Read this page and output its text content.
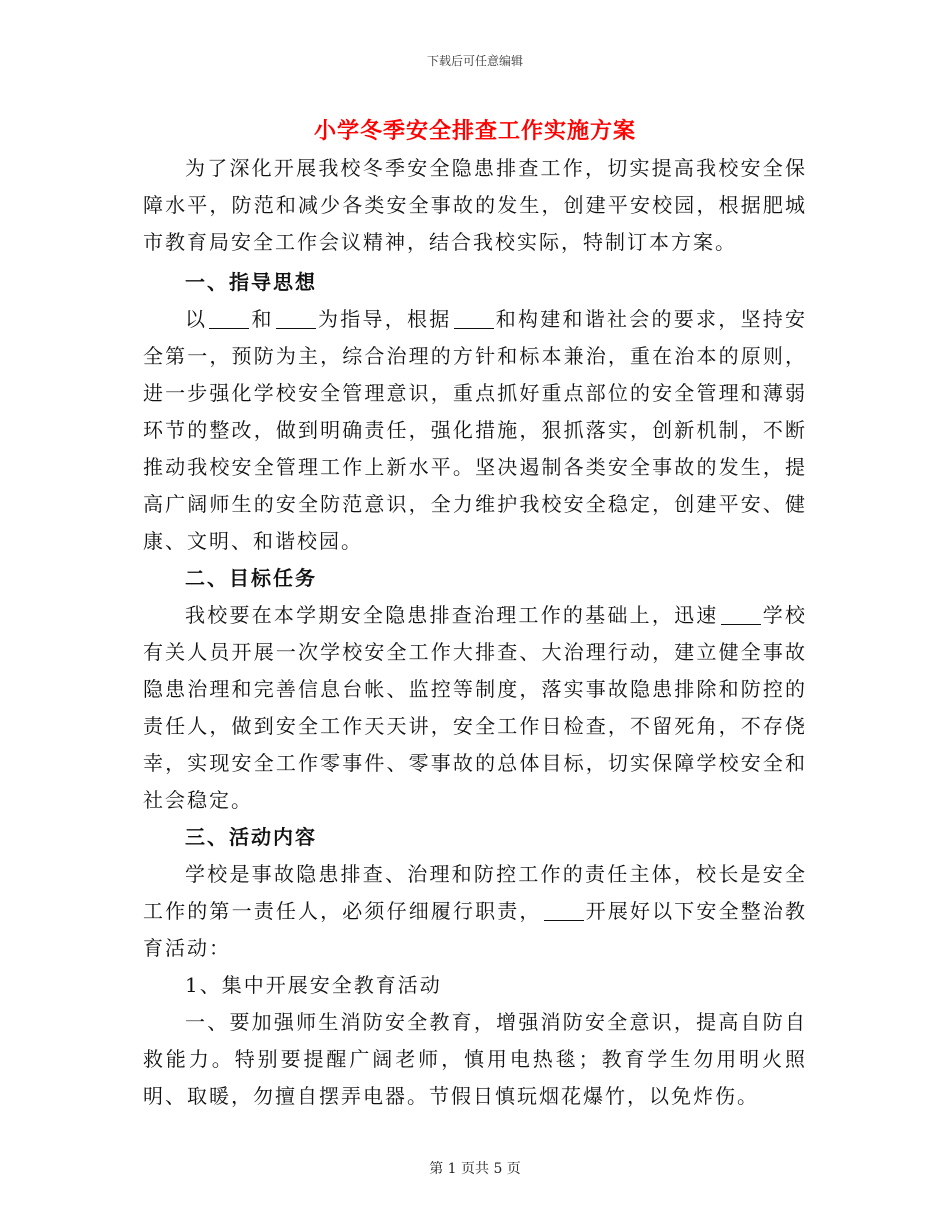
下载后可任意编辑
小学冬季安全排查工作实施方案

为了深化开展我校冬季安全隐患排查工作，切实提高我校安全保障水平，防范和减少各类安全事故的发生，创建平安校园，根据肥城市教育局安全工作会议精神，结合我校实际，特制订本方案。

一、指导思想

以 和 为指导，根据 和构建和谐社会的要求，坚持安全第一，预防为主，综合治理的方针和标本兼治，重在治本的原则，进一步强化学校安全管理意识，重点抓好重点部位的安全管理和薄弱环节的整改，做到明确责任，强化措施，狠抓落实，创新机制，不断推动我校安全管理工作上新水平。坚决遏制各类安全事故的发生，提高广阔师生的安全防范意识，全力维护我校安全稳定，创建平安、健康、文明、和谐校园。

二、目标任务

我校要在本学期安全隐患排查治理工作的基础上，迅速 学校有关人员开展一次学校安全工作大排查、大治理行动，建立健全事故隐患治理和完善信息台帐、监控等制度，落实事故隐患排除和防控的责任人，做到安全工作天天讲，安全工作日检查，不留死角，不存侥幸，实现安全工作零事件、零事故的总体目标，切实保障学校安全和社会稳定。

三、活动内容

学校是事故隐患排查、治理和防控工作的责任主体，校长是安全工作的第一责任人，必须仔细履行职责， 开展好以下安全整治教育活动：

1、集中开展安全教育活动

一、要加强师生消防安全教育，增强消防安全意识，提高自防自救能力。特别要提醒广阔老师，慎用电热毯；教育学生勿用明火照明、取暖，勿擅自摆弄电器。节假日慎玩烟花爆竹，以免炸伤。

第 1 页共 5 页
